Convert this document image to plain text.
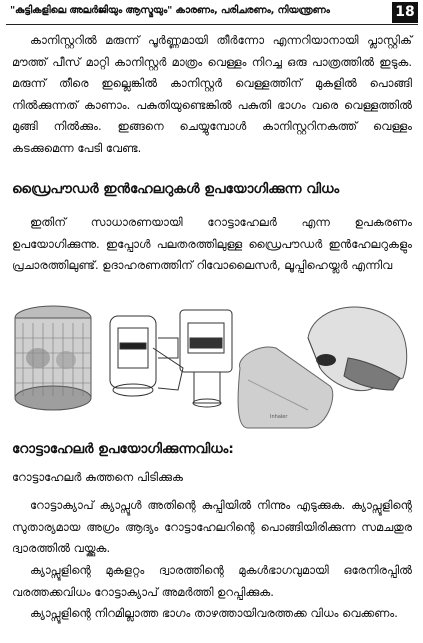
"കുട്ടികളിലെ അലർജിയും ആസ്മയും" കാരണം, പരിചരണം, നിയന്ത്രണം	18

കാനിസ്റ്ററിൽ മരുന്ന് പൂർണ്ണമായി തീർന്നോ എന്നറിയാനായി പ്ലാസ്റ്റിക് മൗത്ത് പീസ് മാറ്റി കാനിസ്റ്റർ മാത്രം വെള്ളം നിറച്ച ഒരു പാത്രത്തിൽ ഇടുക. മരുന്ന് തീരെ ഇല്ലെങ്കിൽ കാനിസ്റ്റർ വെള്ളത്തിന് മുകളിൽ പൊങ്ങി നിൽക്കുന്നത് കാണാം. പകുതിയുണ്ടെങ്കിൽ പകുതി ഭാഗം വരെ വെള്ളത്തിൽ മുങ്ങി നിൽക്കും. ഇങ്ങനെ ചെയ്യുമ്പോൾ കാനിസ്റ്ററിനകത്ത് വെള്ളം കടക്കുമെന്ന പേടി വേണ്ട.

ഡ്രൈപൗഡർ ഇൻഹേലറുകൾ ഉപയോഗിക്കുന്ന വിധം

ഇതിന് സാധാരണയായി റോട്ടാഹേലർ എന്ന ഉപകരണം ഉപയോഗിക്കുന്നു. ഇപ്പോൾ പലതരത്തിലുള്ള ഡ്രൈപൗഡർ ഇൻഹേലറുകളും പ്രചാരത്തിലുണ്ട്. ഉദാഹരണത്തിന് റിവോലൈസർ, ലൂപ്പിഹെയ്ലർ എന്നിവ

Inhaler
റോട്ടാഹേലർ ഉപയോഗിക്കുന്നവിധം:

റോട്ടാഹേലർ കുത്തനെ പിടിക്കുക

റോട്ടാക്യാപ് ക്യാപ്സൂൾ അതിന്റെ കുപ്പിയിൽ നിന്നും എടുക്കുക. ക്യാപ്സൂളിന്റെ സുതാര്യമായ അഗ്രം ആദ്യം റോട്ടാഹേലറിന്റെ പൊങ്ങിയിരിക്കുന്ന സമചതുര ദ്വാരത്തിൽ വയ്ക്കുക.

ക്യാപ്സൂളിന്റെ മുകളറ്റം ദ്വാരത്തിന്റെ മുകൾഭാഗവുമായി ഒരേനിരപ്പിൽ വരത്തക്കവിധം റോട്ടാക്യാപ് അമർത്തി ഉറപ്പിക്കുക.

ക്യാപ്സൂളിന്റെ നിറമില്ലാത്ത ഭാഗം താഴത്തായിവരത്തക്ക വിധം വെക്കണം.
